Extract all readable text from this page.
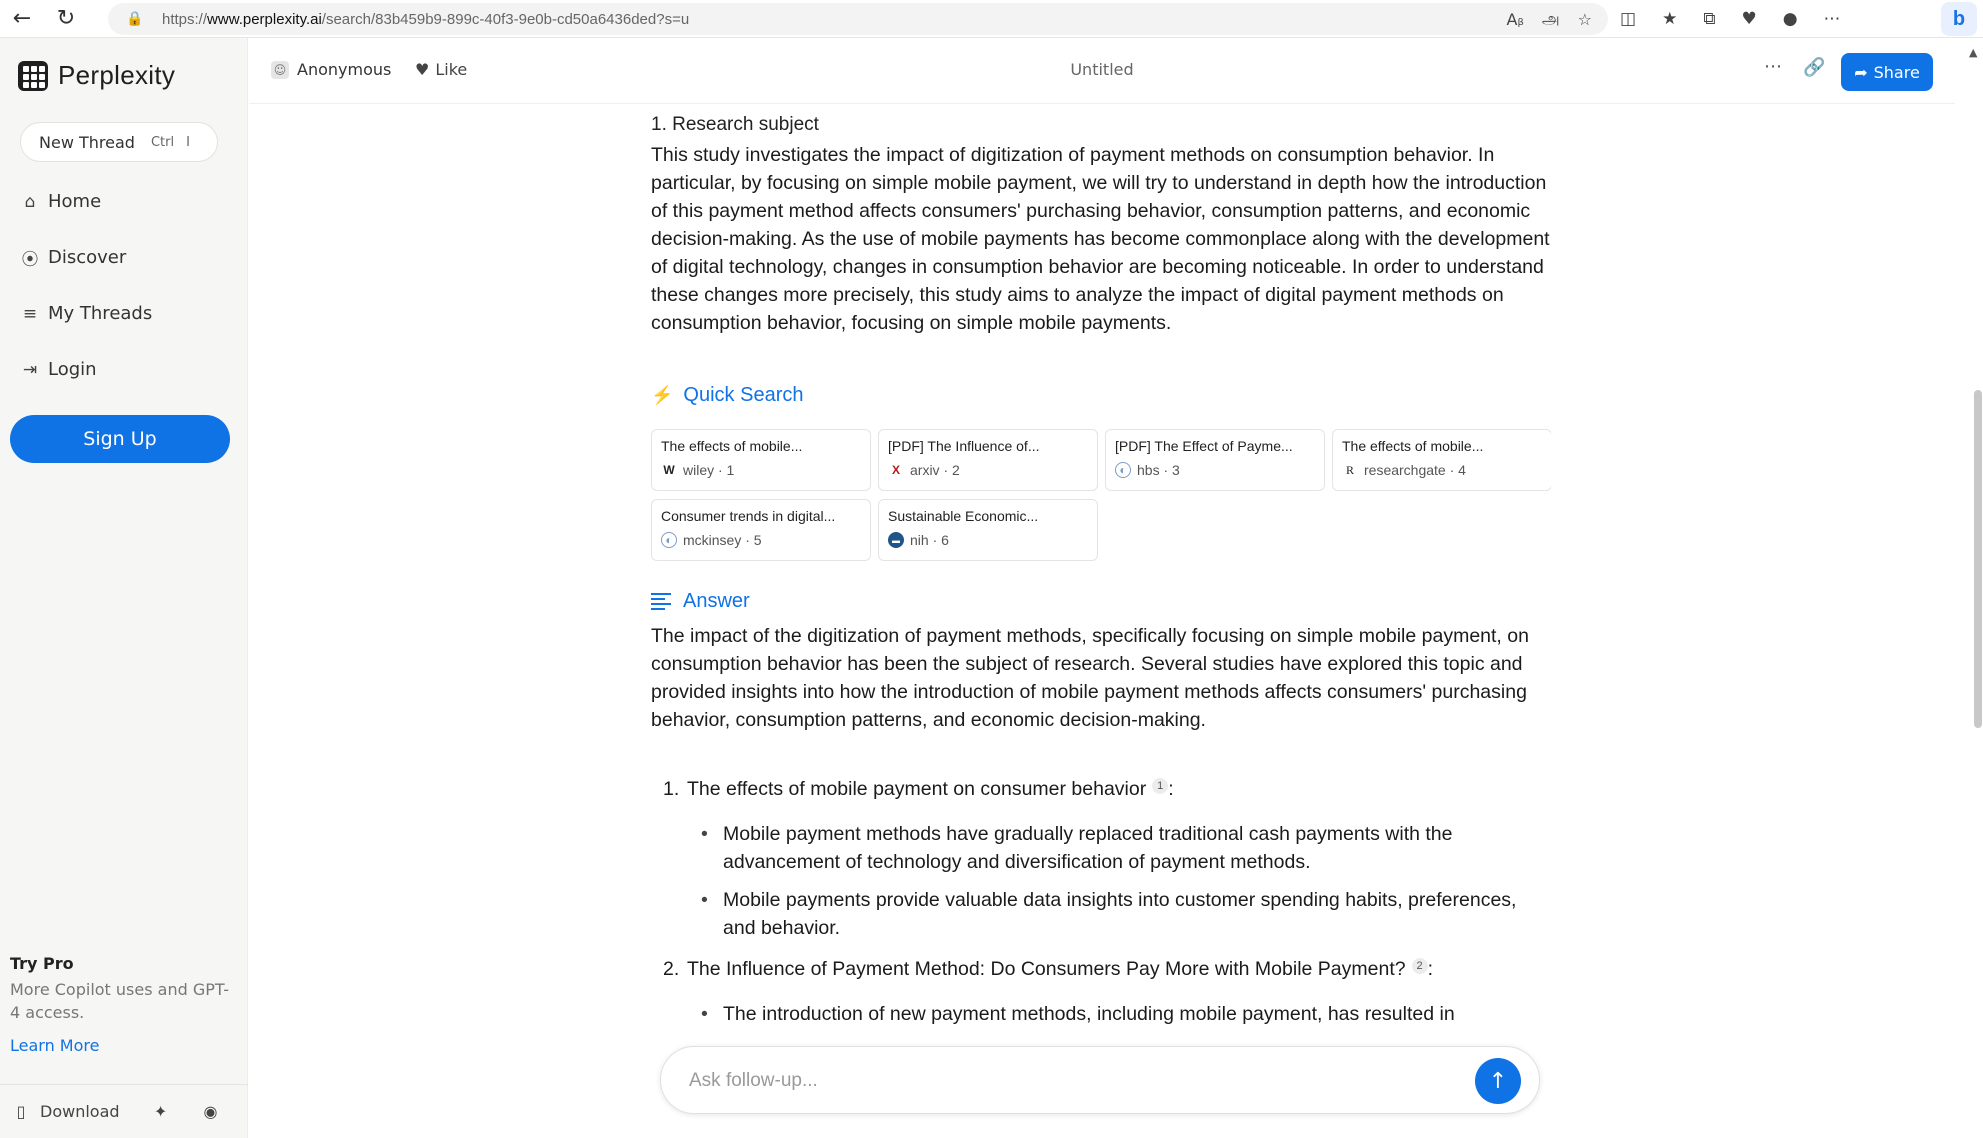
←	↻	🔒 https://www.perplexity.ai/search/83b459b9-899c-40f3-9e0b-cd50a6436ded?s=u	Aᵦ அ ☆ ◫ ★ ⧉ ♥ ● ⋯	b
Perplexity
New Thread Ctrl I
⌂ Home
⦿ Discover
≡ My Threads
⇥ Login
Sign Up
Try Pro
More Copilot uses and GPT-4 access.
Learn More
▯ Download ✦ ◉
☺ Anonymous ♥ Like	Untitled	⋯ 🔗 ➦ Share
1. Research subject
This study investigates the impact of digitization of payment methods on consumption behavior. In particular, by focusing on simple mobile payment, we will try to understand in depth how the introduction of this payment method affects consumers' purchasing behavior, consumption patterns, and economic decision-making. As the use of mobile payments has become commonplace along with the development of digital technology, changes in consumption behavior are becoming noticeable. In order to understand these changes more precisely, this study aims to analyze the impact of digital payment methods on consumption behavior, focusing on simple mobile payments.
⚡ Quick Search
The effects of mobile...
W wiley · 1
[PDF] The Influence of...
X arxiv · 2
[PDF] The Effect of Payme...
◐ hbs · 3
The effects of mobile...
R researchgate · 4
Consumer trends in digital...
◐ mckinsey · 5
Sustainable Economic...
▬ nih · 6
Answer
The impact of the digitization of payment methods, specifically focusing on simple mobile payment, on consumption behavior has been the subject of research. Several studies have explored this topic and provided insights into how the introduction of mobile payment methods affects consumers' purchasing behavior, consumption patterns, and economic decision-making.
1. The effects of mobile payment on consumer behavior 1 :
• Mobile payment methods have gradually replaced traditional cash payments with the advancement of technology and diversification of payment methods.
• Mobile payments provide valuable data insights into customer spending habits, preferences, and behavior.
2. The Influence of Payment Method: Do Consumers Pay More with Mobile Payment? 2 :
• The introduction of new payment methods, including mobile payment, has resulted in
Ask follow-up...
↑
▲
